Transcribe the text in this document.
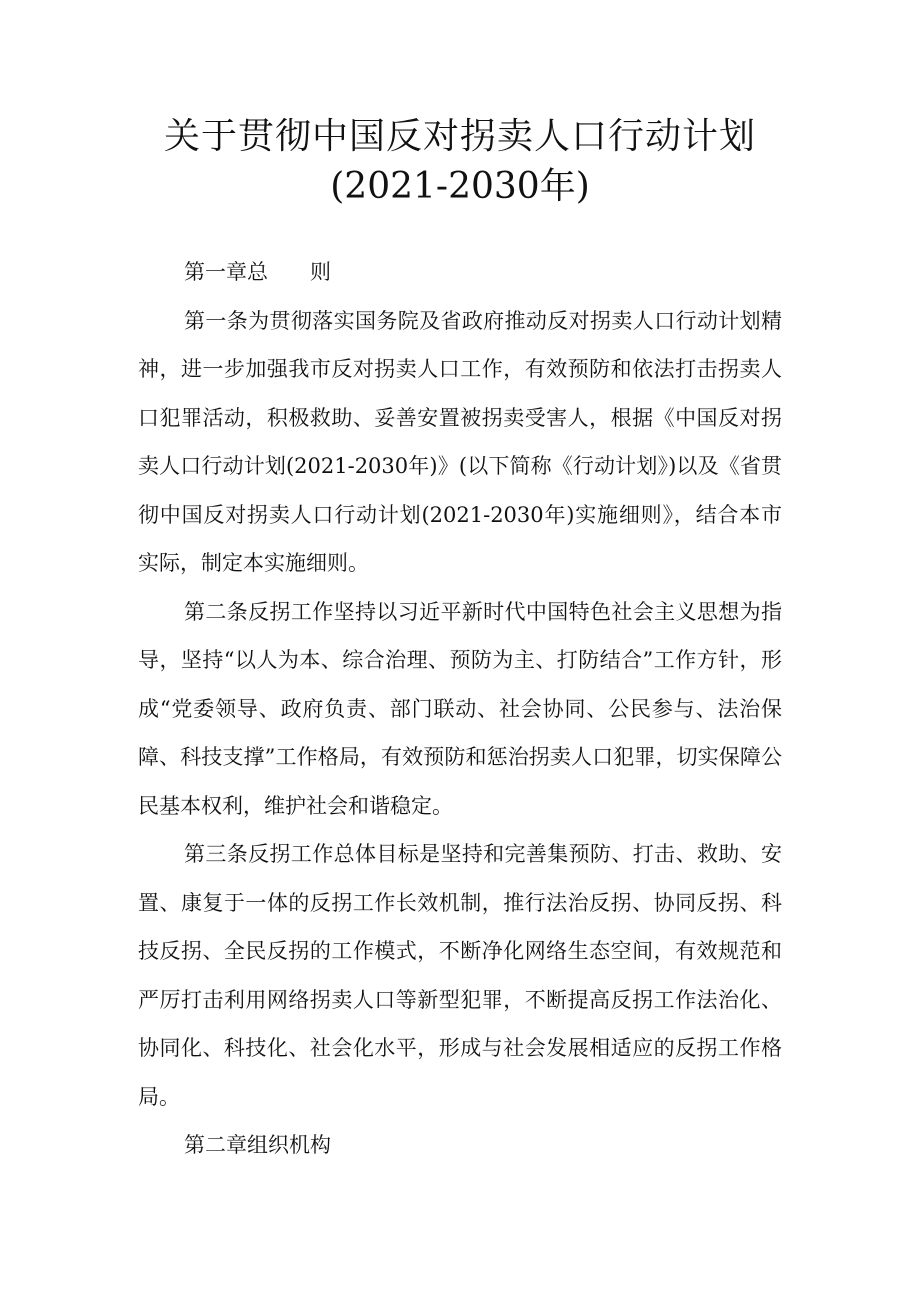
关于贯彻中国反对拐卖人口行动计划
(2021-2030年)

第一章总　　则

第一条为贯彻落实国务院及省政府推动反对拐卖人口行动计划精神，进一步加强我市反对拐卖人口工作，有效预防和依法打击拐卖人口犯罪活动，积极救助、妥善安置被拐卖受害人，根据《中国反对拐卖人口行动计划(2021-2030年)》(以下简称《行动计划》)以及《省贯彻中国反对拐卖人口行动计划(2021-2030年)实施细则》，结合本市实际，制定本实施细则。

第二条反拐工作坚持以习近平新时代中国特色社会主义思想为指导，坚持“以人为本、综合治理、预防为主、打防结合”工作方针，形成“党委领导、政府负责、部门联动、社会协同、公民参与、法治保障、科技支撑”工作格局，有效预防和惩治拐卖人口犯罪，切实保障公民基本权利，维护社会和谐稳定。

第三条反拐工作总体目标是坚持和完善集预防、打击、救助、安置、康复于一体的反拐工作长效机制，推行法治反拐、协同反拐、科技反拐、全民反拐的工作模式，不断净化网络生态空间，有效规范和严厉打击利用网络拐卖人口等新型犯罪，不断提高反拐工作法治化、协同化、科技化、社会化水平，形成与社会发展相适应的反拐工作格局。

第二章组织机构
